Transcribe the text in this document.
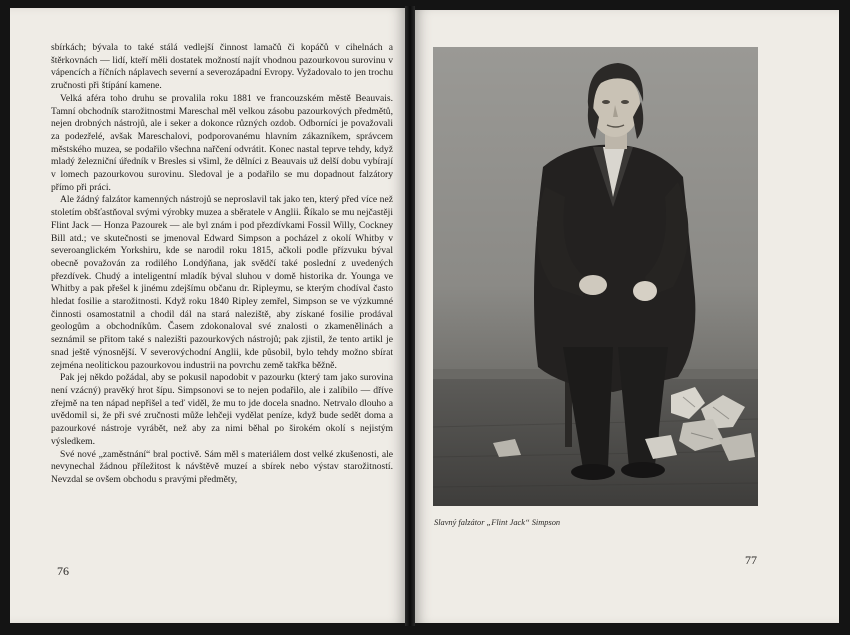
sbírkách; bývala to také stálá vedlejší činnost lamačů či kopáčů v cihelnách a štěrkovnách — lidí, kteří měli dostatek možností najít vhodnou pazourkovou surovinu v vápencích a říčních náplavech severní a severozápadní Evropy. Vyžadovalo to jen trochu zručnosti při štípání kamene.

Velká aféra toho druhu se provalila roku 1881 ve francouzském městě Beauvais. Tamní obchodník starožitnostmi Mareschal měl velkou zásobu pazourkových předmětů, nejen drobných nástrojů, ale i seker a dokonce různých ozdob. Odborníci je považovali za podezřelé, avšak Mareschalovi, podporovanému hlavním zákazníkem, správcem městského muzea, se podařilo všechna nařčení odvrátit. Konec nastal teprve tehdy, když mladý železniční úředník v Bresles si všiml, že dělníci z Beauvais už delší dobu vybírají v lomech pazourkovou surovinu. Sledoval je a podařilo se mu dopadnout falzátory přímo při práci.

Ale žádný falzátor kamenných nástrojů se neproslavil tak jako ten, který před více než stoletím obšťastňoval svými výrobky muzea a sběratele v Anglii. Říkalo se mu nejčastěji Flint Jack — Honza Pazourek — ale byl znám i pod přezdívkami Fossil Willy, Cockney Bill atd.; ve skutečnosti se jmenoval Edward Simpson a pocházel z okolí Whitby v severoanglickém Yorkshiru, kde se narodil roku 1815, ačkoli podle přízvuku býval obecně považován za rodilého Londýňana, jak svědčí také poslední z uvedených přezdívek. Chudý a inteligentní mladík býval sluhou v domě historika dr. Younga ve Whitby a pak přešel k jinému zdejšímu občanu dr. Ripleymu, se kterým chodíval často hledat fosilie a starožitnosti. Když roku 1840 Ripley zemřel, Simpson se ve výzkumné činnosti osamostatnil a chodil dál na stará naleziště, aby získané fosilie prodával geologům a obchodníkům. Časem zdokonaloval své znalosti o zkamenělinách a seznámil se přitom také s nalezišti pazourkových nástrojů; pak zjistil, že tento artikl je snad ještě výnosnější. V severovýchodní Anglii, kde působil, bylo tehdy možno sbírat zejména neolitickou pazourkovou industrii na povrchu země takřka běžně.

Pak jej někdo požádal, aby se pokusil napodobit v pazourku (který tam jako surovina není vzácný) pravěký hrot šípu. Simpsonovi se to nejen podařilo, ale i zalíbilo — dříve zřejmě na ten nápad nepřišel a teď viděl, že mu to jde docela snadno. Netrvalo dlouho a uvědomil si, že při své zručnosti může lehčeji vydělat peníze, když bude sedět doma a pazourkové nástroje vyrábět, než aby za nimi běhal po širokém okolí s nejistým výsledkem.

Své nové „zaměstnání“ bral poctivě. Sám měl s materiálem dost velké zkušenosti, ale nevynechal žádnou příležitost k návštěvě muzeí a sbírek nebo výstav starožitností. Nevzdal se ovšem obchodu s pravými předměty,

76
Slavný falzátor „Flint Jack“ Simpson
77
